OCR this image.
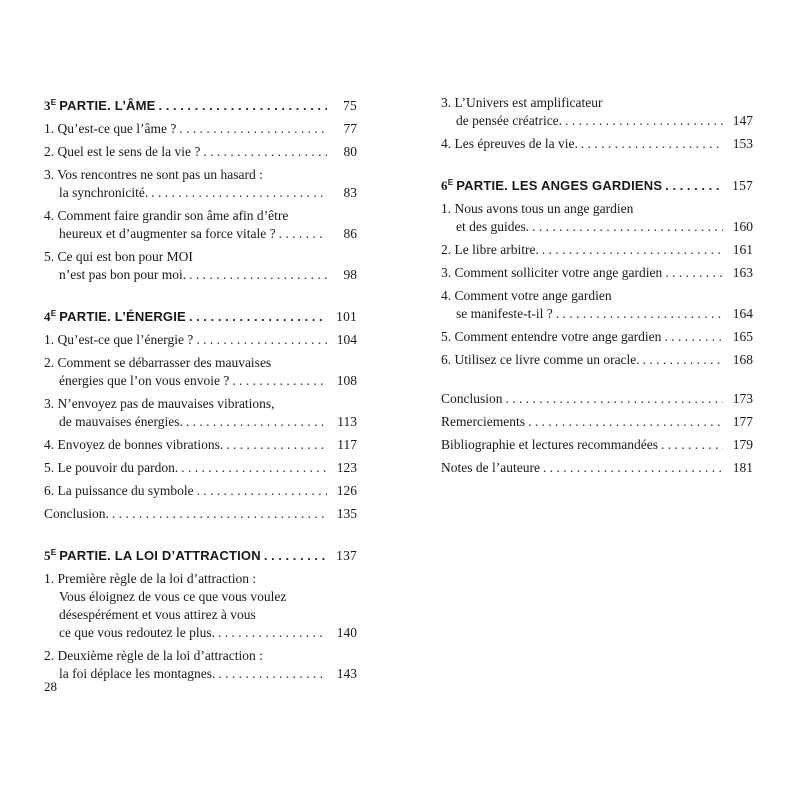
$3^E$ PARTIE. L’ÂME . . .	75
1. Qu’est-ce que l’âme ? . . .	77
2. Quel est le sens de la vie ? . . .	80
3. Vos rencontres ne sont pas un hasard :
la synchronicité. . . .	83
4. Comment faire grandir son âme afin d’être
heureux et d’augmenter sa force vitale ? . . .	86
5. Ce qui est bon pour MOI
n’est pas bon pour moi. . . .	98
$4^E$ PARTIE. L’ÉNERGIE . . .	101
1. Qu’est-ce que l’énergie ? . . .	104
2. Comment se débarrasser des mauvaises
énergies que l’on vous envoie ? . . .	108
3. N’envoyez pas de mauvaises vibrations,
de mauvaises énergies. . . .	113
4. Envoyez de bonnes vibrations. . . .	117
5. Le pouvoir du pardon. . . .	123
6. La puissance du symbole . . .	126
Conclusion. . . .	135
$5^E$ PARTIE. LA LOI D’ATTRACTION . . .	137
1. Première règle de la loi d’attraction :
Vous éloignez de vous ce que vous voulez
désespérément et vous attirez à vous
ce que vous redoutez le plus. . . .	140
2. Deuxième règle de la loi d’attraction :
la foi déplace les montagnes. . . .	143
3. L’Univers est amplificateur
de pensée créatrice. . . .	147
4. Les épreuves de la vie. . . .	153
$6^E$ PARTIE. LES ANGES GARDIENS . . .	157
1. Nous avons tous un ange gardien
et des guides. . . .	160
2. Le libre arbitre. . . .	161
3. Comment solliciter votre ange gardien . . .	163
4. Comment votre ange gardien
se manifeste-t-il ? . . .	164
5. Comment entendre votre ange gardien . . .	165
6. Utilisez ce livre comme un oracle. . . .	168
Conclusion . . .	173
Remerciements . . .	177
Bibliographie et lectures recommandées . . .	179
Notes de l’auteure . . .	181
28
